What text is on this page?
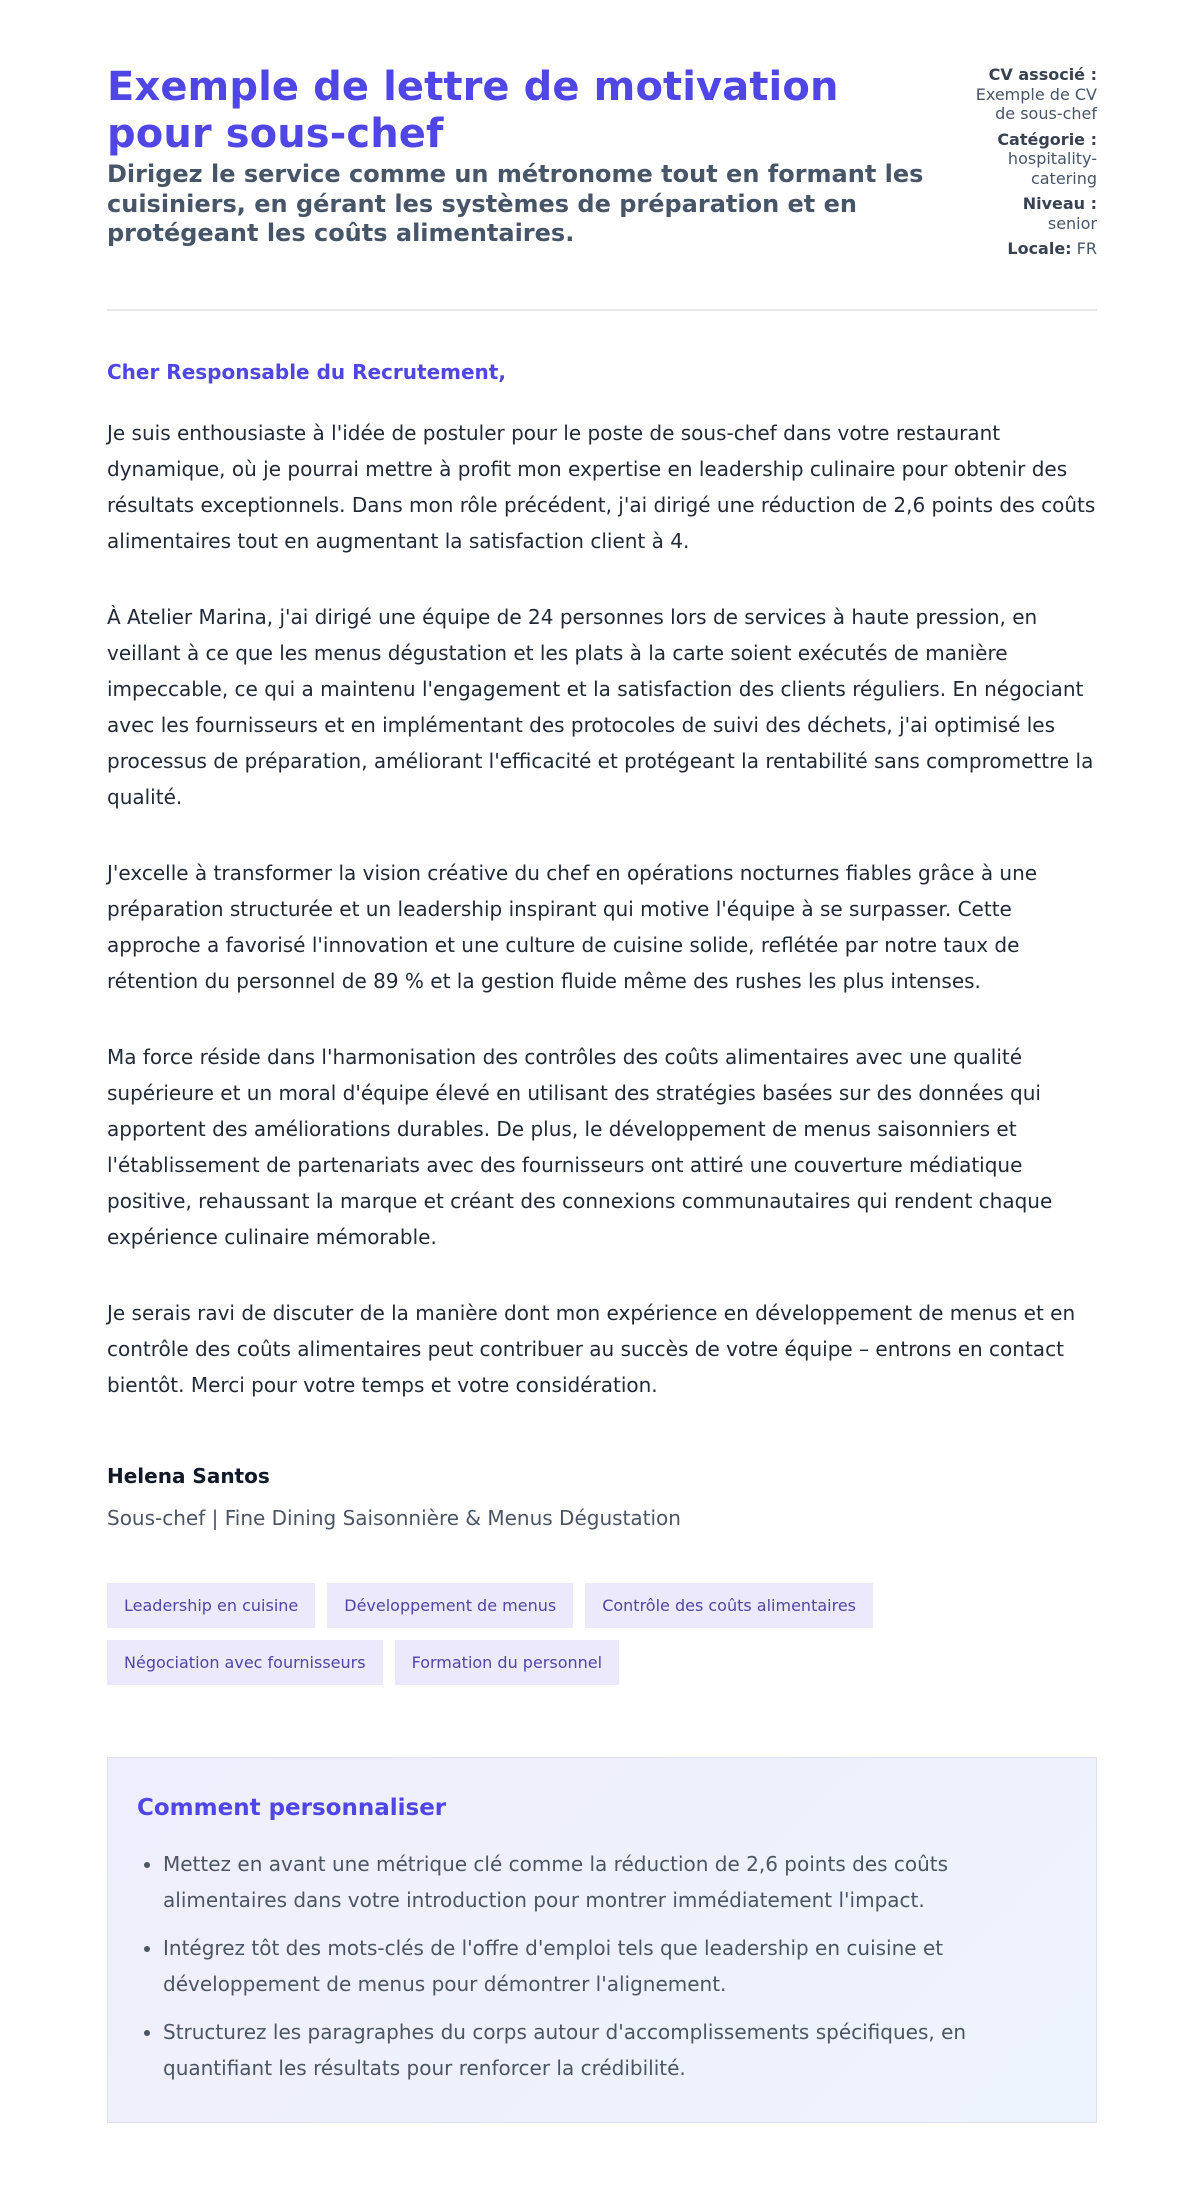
Exemple de lettre de motivation pour sous-chef
Dirigez le service comme un métronome tout en formant les cuisiniers, en gérant les systèmes de préparation et en protégeant les coûts alimentaires.
CV associé :
Exemple de CV de sous-chef
Catégorie :
hospitality-catering
Niveau :
senior
Locale: FR

Cher Responsable du Recrutement,

Je suis enthousiaste à l'idée de postuler pour le poste de sous-chef dans votre restaurant dynamique, où je pourrai mettre à profit mon expertise en leadership culinaire pour obtenir des résultats exceptionnels. Dans mon rôle précédent, j'ai dirigé une réduction de 2,6 points des coûts alimentaires tout en augmentant la satisfaction client à 4.

À Atelier Marina, j'ai dirigé une équipe de 24 personnes lors de services à haute pression, en veillant à ce que les menus dégustation et les plats à la carte soient exécutés de manière impeccable, ce qui a maintenu l'engagement et la satisfaction des clients réguliers. En négociant avec les fournisseurs et en implémentant des protocoles de suivi des déchets, j'ai optimisé les processus de préparation, améliorant l'efficacité et protégeant la rentabilité sans compromettre la qualité.

J'excelle à transformer la vision créative du chef en opérations nocturnes fiables grâce à une préparation structurée et un leadership inspirant qui motive l'équipe à se surpasser. Cette approche a favorisé l'innovation et une culture de cuisine solide, reflétée par notre taux de rétention du personnel de 89 % et la gestion fluide même des rushes les plus intenses.

Ma force réside dans l'harmonisation des contrôles des coûts alimentaires avec une qualité supérieure et un moral d'équipe élevé en utilisant des stratégies basées sur des données qui apportent des améliorations durables. De plus, le développement de menus saisonniers et l'établissement de partenariats avec des fournisseurs ont attiré une couverture médiatique positive, rehaussant la marque et créant des connexions communautaires qui rendent chaque expérience culinaire mémorable.

Je serais ravi de discuter de la manière dont mon expérience en développement de menus et en contrôle des coûts alimentaires peut contribuer au succès de votre équipe – entrons en contact bientôt. Merci pour votre temps et votre considération.

Helena Santos
Sous-chef | Fine Dining Saisonnière & Menus Dégustation
Leadership en cuisine	Développement de menus	Contrôle des coûts alimentaires
Négociation avec fournisseurs	Formation du personnel
Comment personnaliser
• Mettez en avant une métrique clé comme la réduction de 2,6 points des coûts alimentaires dans votre introduction pour montrer immédiatement l'impact.
• Intégrez tôt des mots-clés de l'offre d'emploi tels que leadership en cuisine et développement de menus pour démontrer l'alignement.
• Structurez les paragraphes du corps autour d'accomplissements spécifiques, en quantifiant les résultats pour renforcer la crédibilité.
